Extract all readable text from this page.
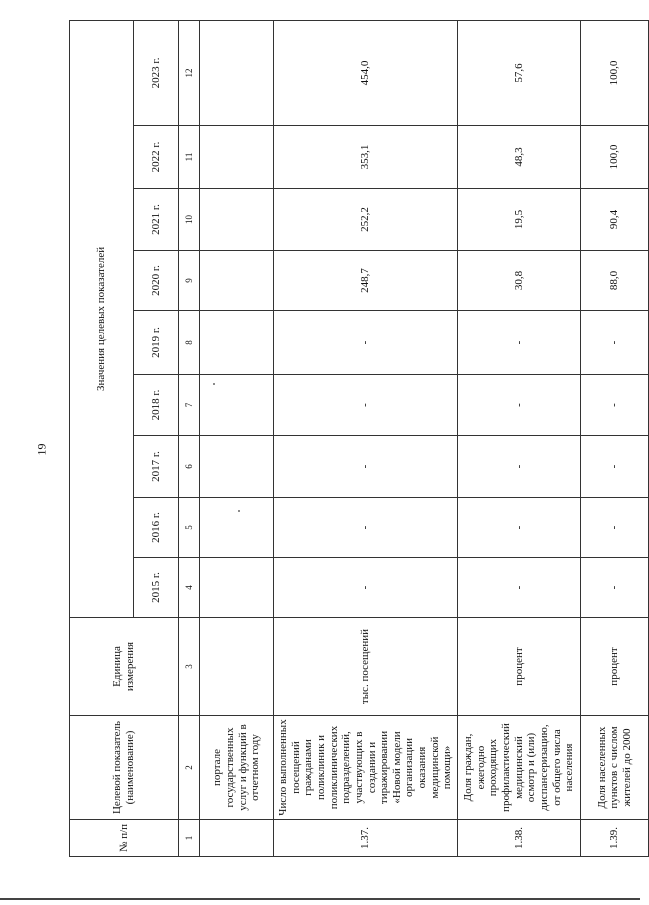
19
№ п/п	Целевой показатель (наименование)	Единица измерения	Значения целевых показателей								
			2015 г.	2016 г.	2017 г.	2018 г.	2019 г.	2020 г.	2021 г.	2022 г.	2023 г.
1	2	3	4	5	6	7	8	9	10	11	12
	портале государственных услуг и функций в отчетном году										
1.37.	Число выполненных посещений гражданами поликлиник и поликлинических подразделений, участвующих в создании и тиражировании «Новой модели организации оказания медицинской помощи»	тыс. посещений	-	-	-	-	-	248,7	252,2	353,1	454,0
1.38.	Доля граждан, ежегодно проходящих профилактический медицинский осмотр и (или) диспансеризацию, от общего числа населения	процент	-	-	-	-	-	30,8	19,5	48,3	57,6
1.39.	Доля населенных пунктов с числом жителей до 2000	процент	-	-	-	-	-	88,0	90,4	100,0	100,0
